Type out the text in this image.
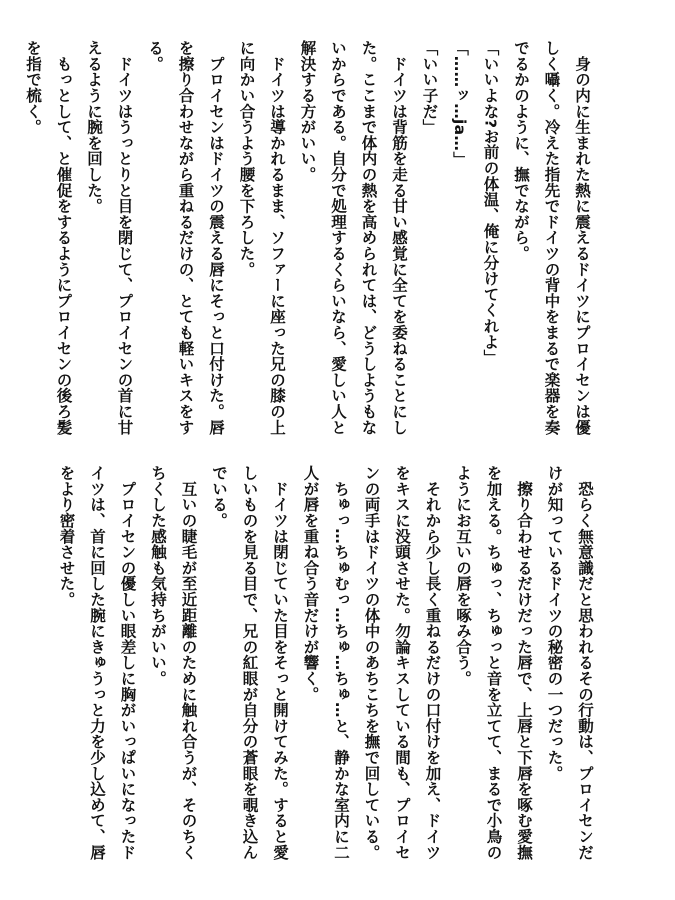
　身の内に生まれた熱に震えるドイツにプロイセンは優しく囁く。冷えた指先でドイツの背中をまるで楽器を奏でるかのように、撫でながら。

「いいよな?お前の体温、俺に分けてくれよ」

「……ッ…ja…」

「いい子だ」

　ドイツは背筋を走る甘い感覚に全てを委ねることにした。ここまで体内の熱を高められては、どうしようもないからである。自分で処理するくらいなら、愛しい人と解決する方がいい。

　ドイツは導かれるまま、ソファーに座った兄の膝の上に向かい合うよう腰を下ろした。

　プロイセンはドイツの震える唇にそっと口付けた。唇を擦り合わせながら重ねるだけの、とても軽いキスをする。

　ドイツはうっとりと目を閉じて、プロイセンの首に甘えるように腕を回した。

　もっとして、と催促をするようにプロイセンの後ろ髪を指で梳く。

　恐らく無意識だと思われるその行動は、プロイセンだけが知っているドイツの秘密の一つだった。

　擦り合わせるだけだった唇で、上唇と下唇を啄む愛撫を加える。ちゅっ、ちゅっと音を立てて、まるで小鳥のようにお互いの唇を啄み合う。

　それから少し長く重ねるだけの口付けを加え、ドイツをキスに没頭させた。勿論キスしている間も、プロイセンの両手はドイツの体中のあちこちを撫で回している。

　ちゅっ…ちゅむっ…ちゅ…ちゅ…と、静かな室内に二人が唇を重ね合う音だけが響く。

　ドイツは閉じていた目をそっと開けてみた。すると愛しいものを見る目で、兄の紅眼が自分の蒼眼を覗き込んでいる。

　互いの睫毛が至近距離のために触れ合うが、そのちくちくした感触も気持ちがいい。

　プロイセンの優しい眼差しに胸がいっぱいになったドイツは、首に回した腕にきゅうっと力を少し込めて、唇をより密着させた。
